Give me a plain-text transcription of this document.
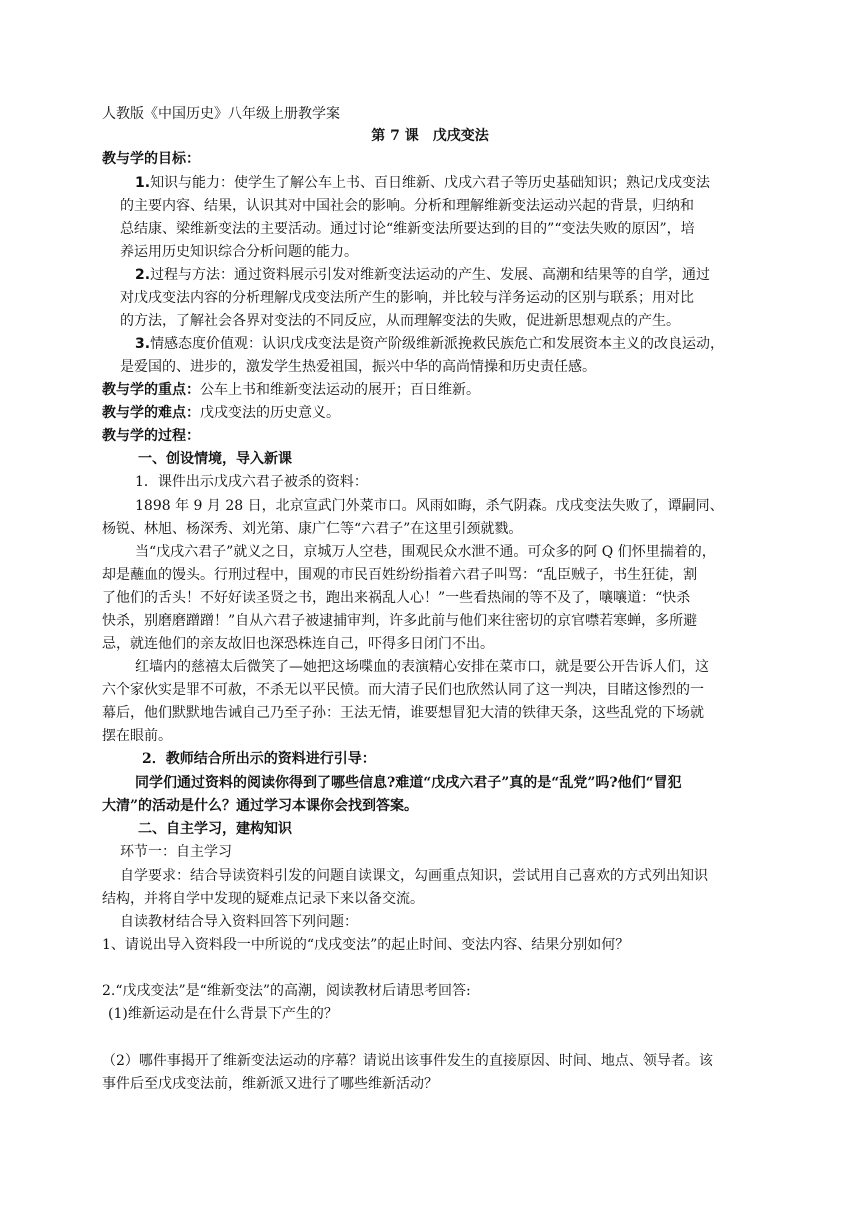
人教版《中国历史》八年级上册教学案
第 7 课　戊戌变法
教与学的目标：
1.知识与能力：使学生了解公车上书、百日维新、戊戌六君子等历史基础知识；熟记戊戌变法
的主要内容、结果，认识其对中国社会的影响。分析和理解维新变法运动兴起的背景，归纳和
总结康、梁维新变法的主要活动。通过讨论“维新变法所要达到的目的”“变法失败的原因”，培
养运用历史知识综合分析问题的能力。
2.过程与方法：通过资料展示引发对维新变法运动的产生、发展、高潮和结果等的自学，通过
对戊戌变法内容的分析理解戊戌变法所产生的影响，并比较与洋务运动的区别与联系；用对比
的方法，了解社会各界对变法的不同反应，从而理解变法的失败，促进新思想观点的产生。
3.情感态度价值观：认识戊戌变法是资产阶级维新派挽救民族危亡和发展资本主义的改良运动，
是爱国的、进步的，激发学生热爱祖国，振兴中华的高尚情操和历史责任感。
教与学的重点：公车上书和维新变法运动的展开；百日维新。
教与学的难点：戊戌变法的历史意义。
教与学的过程：
一、创设情境，导入新课
1．课件出示戊戌六君子被杀的资料：
1898 年 9 月 28 日，北京宣武门外菜市口。风雨如晦，杀气阴森。戊戌变法失败了，谭嗣同、
杨锐、林旭、杨深秀、刘光第、康广仁等“六君子”在这里引颈就戮。
当“戊戌六君子”就义之日，京城万人空巷，围观民众水泄不通。可众多的阿 Q 们怀里揣着的，
却是蘸血的馒头。行刑过程中，围观的市民百姓纷纷指着六君子叫骂：“乱臣贼子，书生狂徒，割
了他们的舌头！不好好读圣贤之书，跑出来祸乱人心！”一些看热闹的等不及了，嚷嚷道：“快杀
快杀，别磨磨蹭蹭！”自从六君子被逮捕审判，许多此前与他们来往密切的京官噤若寒蝉，多所避
忌，就连他们的亲友故旧也深恐株连自己，吓得多日闭门不出。
红墙内的慈禧太后微笑了—她把这场喋血的表演精心安排在菜市口，就是要公开告诉人们，这
六个家伙实是罪不可赦，不杀无以平民愤。而大清子民们也欣然认同了这一判决，目睹这惨烈的一
幕后，他们默默地告诫自己乃至子孙：王法无情，谁要想冒犯大清的铁律天条，这些乱党的下场就
摆在眼前。
2．教师结合所出示的资料进行引导：
同学们通过资料的阅读你得到了哪些信息?难道“戊戌六君子”真的是“乱党”吗?他们“冒犯
大清”的活动是什么？通过学习本课你会找到答案。
二、自主学习，建构知识
环节一：自主学习
自学要求：结合导读资料引发的问题自读课文，勾画重点知识，尝试用自己喜欢的方式列出知识
结构，并将自学中发现的疑难点记录下来以备交流。
自读教材结合导入资料回答下列问题：
1、请说出导入资料段一中所说的“戊戌变法”的起止时间、变法内容、结果分别如何？
2.“戊戌变法”是“维新变法”的高潮，阅读教材后请思考回答:
(1)维新运动是在什么背景下产生的？
（2）哪件事揭开了维新变法运动的序幕？请说出该事件发生的直接原因、时间、地点、领导者。该
事件后至戊戌变法前，维新派又进行了哪些维新活动？
